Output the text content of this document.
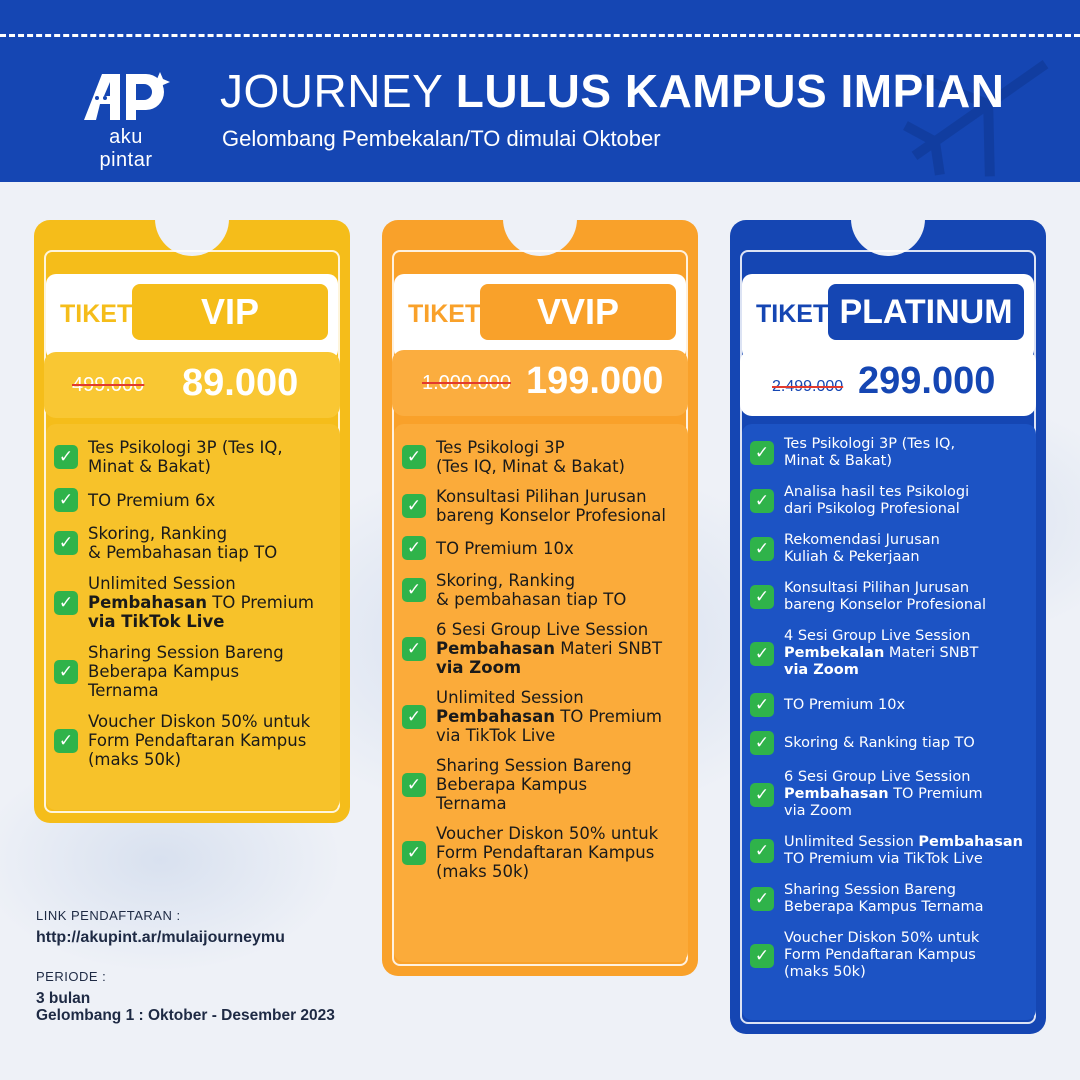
aku pintar
JOURNEY LULUS KAMPUS IMPIAN
Gelombang Pembekalan/TO dimulai Oktober
TIKET	VIP
499.000 89.000
✓ Tes Psikologi 3P (Tes IQ,
Minat & Bakat)
✓ TO Premium 6x
✓ Skoring, Ranking
& Pembahasan tiap TO
✓
Unlimited Session
Pembahasan TO Premium
via TikTok Live
✓
Sharing Session Bareng
Beberapa Kampus
Ternama
✓
Voucher Diskon 50% untuk
Form Pendaftaran Kampus
(maks 50k)
TIKET	VVIP
1.000.000 199.000
✓ Tes Psikologi 3P
(Tes IQ, Minat & Bakat)
✓ Konsultasi Pilihan Jurusan
bareng Konselor Profesional
✓ TO Premium 10x
✓ Skoring, Ranking
& pembahasan tiap TO
✓
6 Sesi Group Live Session
Pembahasan Materi SNBT
via Zoom
✓
Unlimited Session
Pembahasan TO Premium
via TikTok Live
✓
Sharing Session Bareng
Beberapa Kampus
Ternama
✓
Voucher Diskon 50% untuk
Form Pendaftaran Kampus
(maks 50k)
TIKET PLATINUM
2.499.000 299.000
✓	Tes Psikologi 3P (Tes IQ,
Minat & Bakat)
✓	Analisa hasil tes Psikologi
dari Psikolog Profesional
✓	Rekomendasi Jurusan
Kuliah & Pekerjaan
✓	Konsultasi Pilihan Jurusan
bareng Konselor Profesional
✓
4 Sesi Group Live Session
Pembekalan Materi SNBT
via Zoom
✓	TO Premium 10x
✓	Skoring & Ranking tiap TO
✓
6 Sesi Group Live Session
Pembahasan TO Premium
via Zoom
✓	Unlimited Session Pembahasan
TO Premium via TikTok Live
✓	Sharing Session Bareng
Beberapa Kampus Ternama
✓
Voucher Diskon 50% untuk
Form Pendaftaran Kampus
(maks 50k)
LINK PENDAFTARAN :
http://akupint.ar/mulaijourneymu
PERIODE :
3 bulan
Gelombang 1 : Oktober - Desember 2023
